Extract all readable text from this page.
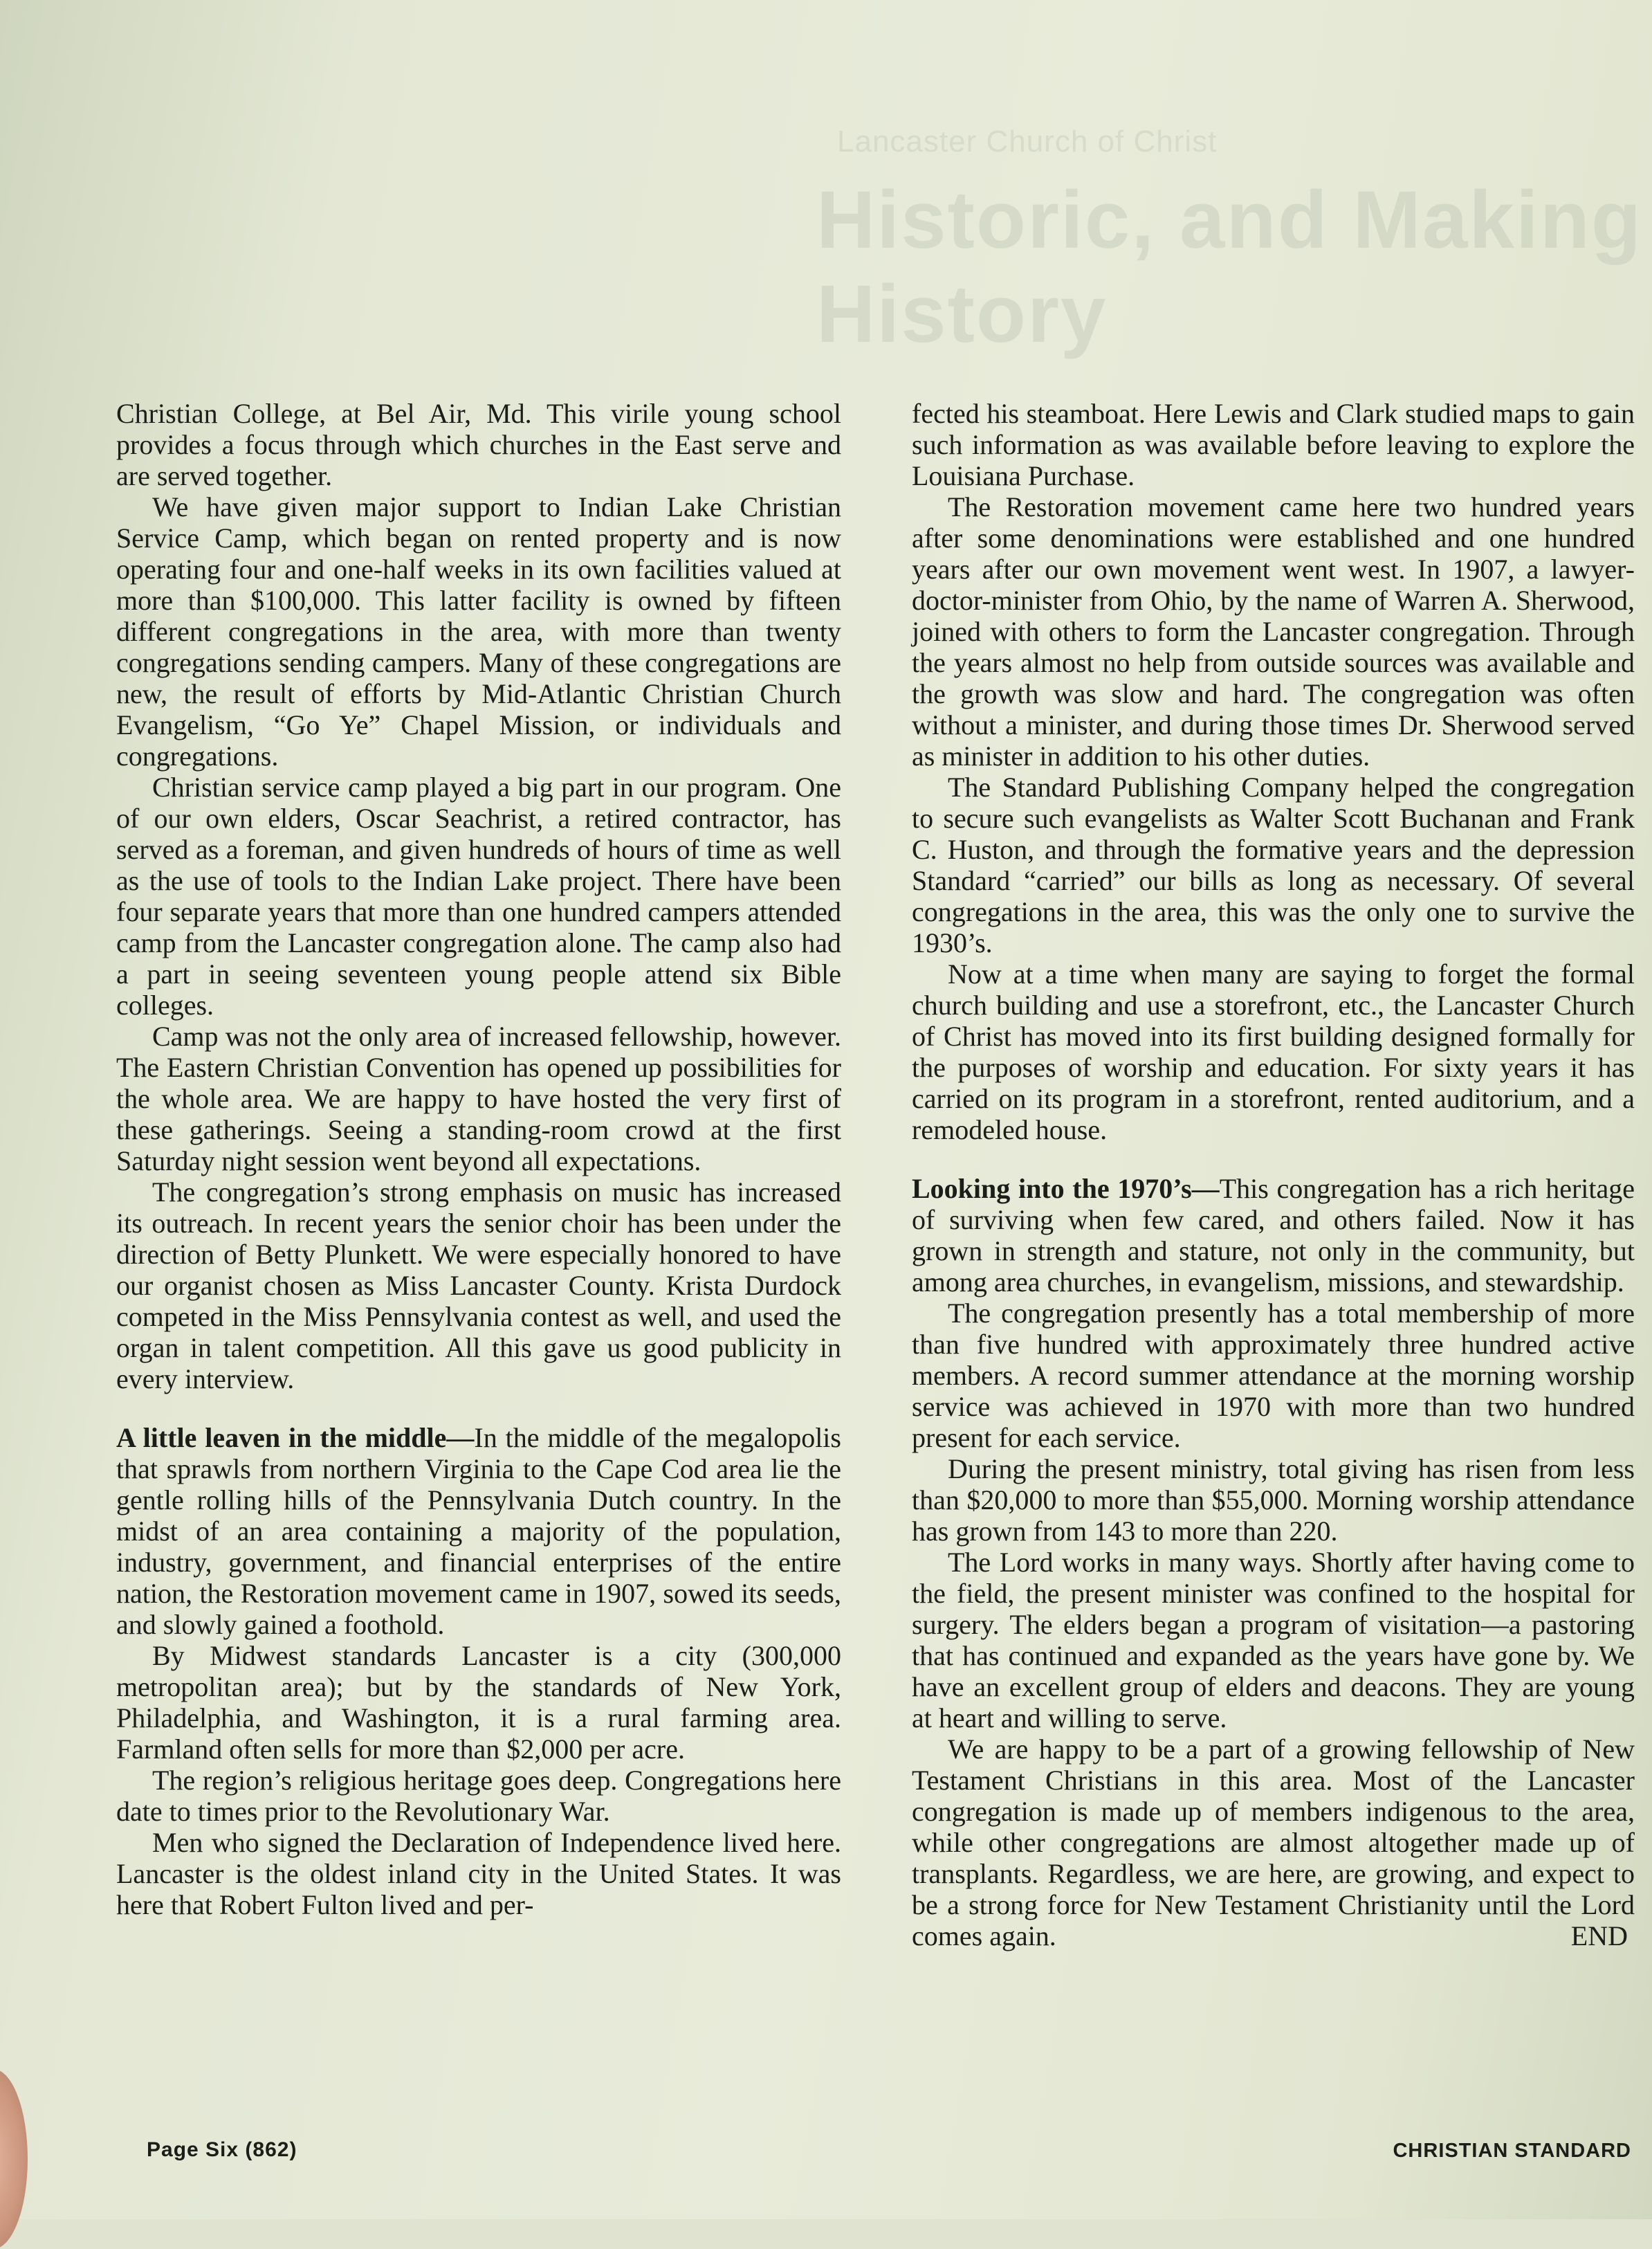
Lancaster Church of Christ
Historic, and Making History

Christian College, at Bel Air, Md. This virile young school provides a focus through which churches in the East serve and are served together.

We have given major support to Indian Lake Christian Service Camp, which began on rented property and is now operating four and one-half weeks in its own facilities valued at more than $100,000. This latter facility is owned by fifteen different congregations in the area, with more than twenty congregations sending campers. Many of these congregations are new, the result of efforts by Mid-Atlantic Christian Church Evangelism, “Go Ye” Chapel Mission, or individuals and congregations.

Christian service camp played a big part in our program. One of our own elders, Oscar Seachrist, a retired contractor, has served as a foreman, and given hundreds of hours of time as well as the use of tools to the Indian Lake project. There have been four separate years that more than one hundred campers attended camp from the Lancaster congregation alone. The camp also had a part in seeing seventeen young people attend six Bible colleges.

Camp was not the only area of increased fellowship, however. The Eastern Christian Convention has opened up possibilities for the whole area. We are happy to have hosted the very first of these gatherings. Seeing a standing-room crowd at the first Saturday night session went beyond all expectations.

The congregation’s strong emphasis on music has increased its outreach. In recent years the senior choir has been under the direction of Betty Plunkett. We were especially honored to have our organist chosen as Miss Lancaster County. Krista Durdock competed in the Miss Pennsylvania contest as well, and used the organ in talent competition. All this gave us good publicity in every interview.

A little leaven in the middle—In the middle of the megalopolis that sprawls from northern Virginia to the Cape Cod area lie the gentle rolling hills of the Pennsylvania Dutch country. In the midst of an area containing a majority of the population, industry, government, and financial enterprises of the entire nation, the Restoration movement came in 1907, sowed its seeds, and slowly gained a foothold.

By Midwest standards Lancaster is a city (300,000 metropolitan area); but by the standards of New York, Philadelphia, and Washington, it is a rural farming area. Farmland often sells for more than $2,000 per acre.

The region’s religious heritage goes deep. Congregations here date to times prior to the Revolutionary War.

Men who signed the Declaration of Independence lived here. Lancaster is the oldest inland city in the United States. It was here that Robert Fulton lived and per-

fected his steamboat. Here Lewis and Clark studied maps to gain such information as was available before leaving to explore the Louisiana Purchase.

The Restoration movement came here two hundred years after some denominations were established and one hundred years after our own movement went west. In 1907, a lawyer-doctor-minister from Ohio, by the name of Warren A. Sherwood, joined with others to form the Lancaster congregation. Through the years almost no help from outside sources was available and the growth was slow and hard. The congregation was often without a minister, and during those times Dr. Sherwood served as minister in addition to his other duties.

The Standard Publishing Company helped the congregation to secure such evangelists as Walter Scott Buchanan and Frank C. Huston, and through the formative years and the depression Standard “carried” our bills as long as necessary. Of several congregations in the area, this was the only one to survive the 1930’s.

Now at a time when many are saying to forget the formal church building and use a storefront, etc., the Lancaster Church of Christ has moved into its first building designed formally for the purposes of worship and education. For sixty years it has carried on its program in a storefront, rented auditorium, and a remodeled house.

Looking into the 1970’s—This congregation has a rich heritage of surviving when few cared, and others failed. Now it has grown in strength and stature, not only in the community, but among area churches, in evangelism, missions, and stewardship.

The congregation presently has a total membership of more than five hundred with approximately three hundred active members. A record summer attendance at the morning worship service was achieved in 1970 with more than two hundred present for each service.

During the present ministry, total giving has risen from less than $20,000 to more than $55,000. Morning worship attendance has grown from 143 to more than 220.

The Lord works in many ways. Shortly after having come to the field, the present minister was confined to the hospital for surgery. The elders began a program of visitation—a pastoring that has continued and expanded as the years have gone by. We have an excellent group of elders and deacons. They are young at heart and willing to serve.

We are happy to be a part of a growing fellowship of New Testament Christians in this area. Most of the Lancaster congregation is made up of members indigenous to the area, while other congregations are almost altogether made up of transplants. Regardless, we are here, are growing, and expect to be a strong force for New Testament Christianity until the Lord comes again.	END

Page Six (862)	CHRISTIAN STANDARD
